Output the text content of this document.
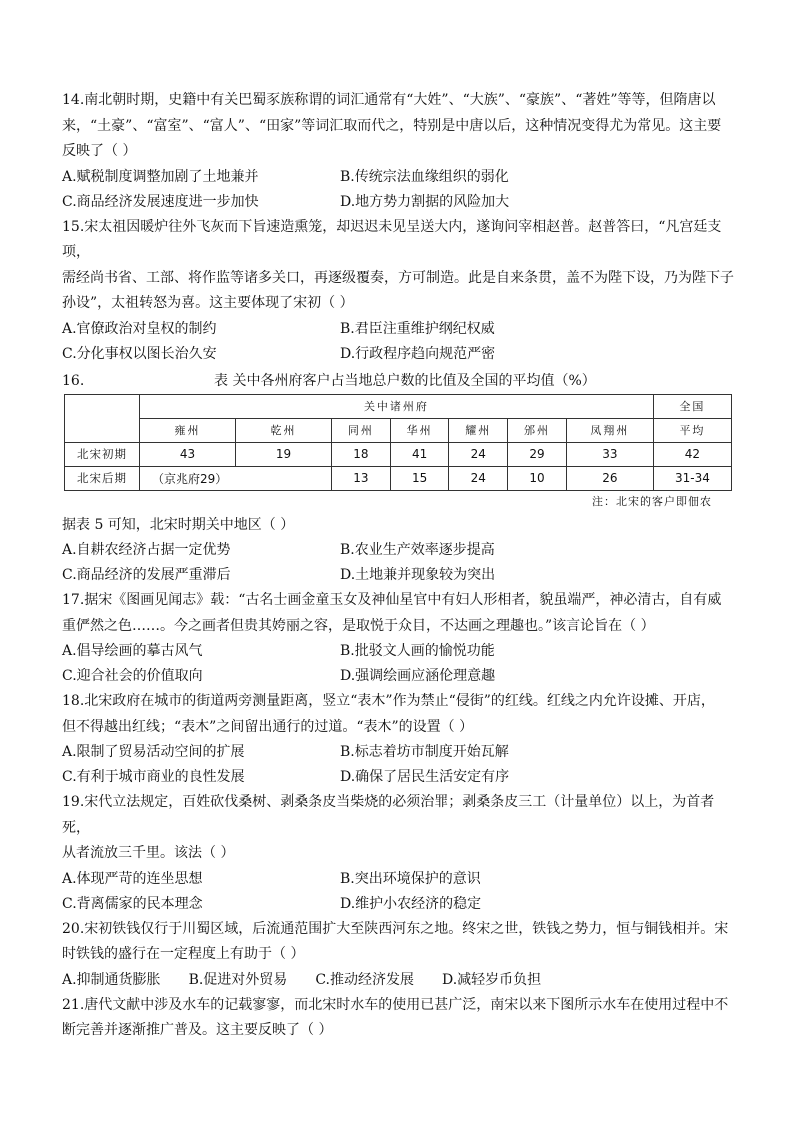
14.南北朝时期，史籍中有关巴蜀豕族称谓的词汇通常有“大姓”、“大族”、“豪族”、“著姓”等等，但隋唐以

来，“土豪”、“富室”、“富人”、“田家”等词汇取而代之，特别是中唐以后，这种情况变得尤为常见。这主要

反映了（ ）

A.赋税制度调整加剧了土地兼并	B.传统宗法血缘组织的弱化
C.商品经济发展速度进一步加快	D.地方势力割据的风险加大

15.宋太祖因暖炉往外飞灰而下旨速造熏笼，却迟迟未见呈送大内，遂询问宰相赵普。赵普答曰，“凡宫廷支项，

需经尚书省、工部、将作监等诸多关口，再逐级覆奏，方可制造。此是自来条贯，盖不为陛下设，乃为陛下子

孙设”，太祖转怒为喜。这主要体现了宋初（ ）

A.官僚政治对皇权的制约	B.君臣注重维护纲纪权威
C.分化事权以图长治久安	D.行政程序趋向规范严密
16.	表 关中各州府客户占当地总户数的比值及全国的平均值（%）
	关中诸州府							全国
	雍州	乾州	同州	华州	耀州	邠州	凤翔州	平均
北宋初期	43	19	18	41	24	29	33	42
北宋后期	（京兆府29）		13	15	24	10	26	31-34
注：北宋的客户即佃农

据表 5 可知，北宋时期关中地区（ ）

A.自耕农经济占据一定优势	B.农业生产效率逐步提高
C.商品经济的发展严重滞后	D.土地兼并现象较为突出

17.据宋《图画见闻志》载：“古名士画金童玉女及神仙星官中有妇人形相者，貌虽端严，神必清古，自有威

重俨然之色……。今之画者但贵其姱丽之容，是取悦于众目，不达画之理趣也。”该言论旨在（ ）

A.倡导绘画的摹古风气	B.批驳文人画的愉悦功能
C.迎合社会的价值取向	D.强调绘画应涵伦理意趣

18.北宋政府在城市的街道两旁测量距离，竖立“表木”作为禁止“侵街”的红线。红线之内允许设摊、开店，

但不得越出红线；“表木”之间留出通行的过道。“表木”的设置（ ）

A.限制了贸易活动空间的扩展	B.标志着坊市制度开始瓦解
C.有利于城市商业的良性发展	D.确保了居民生活安定有序

19.宋代立法规定，百姓砍伐桑树、剥桑条皮当柴烧的必须治罪；剥桑条皮三工（计量单位）以上，为首者死，

从者流放三千里。该法（ ）

A.体现严苛的连坐思想	B.突出环境保护的意识
C.背离儒家的民本理念	D.维护小农经济的稳定

20.宋初铁钱仅行于川蜀区域，后流通范围扩大至陕西河东之地。终宋之世，铁钱之势力，恒与铜钱相并。宋

时铁钱的盛行在一定程度上有助于（ ）

A.抑制通货膨胀 B.促进对外贸易 C.推动经济发展 D.减轻岁币负担

21.唐代文献中涉及水车的记载寥寥，而北宋时水车的使用已甚广泛，南宋以来下图所示水车在使用过程中不

断完善并逐渐推广普及。这主要反映了（ ）
